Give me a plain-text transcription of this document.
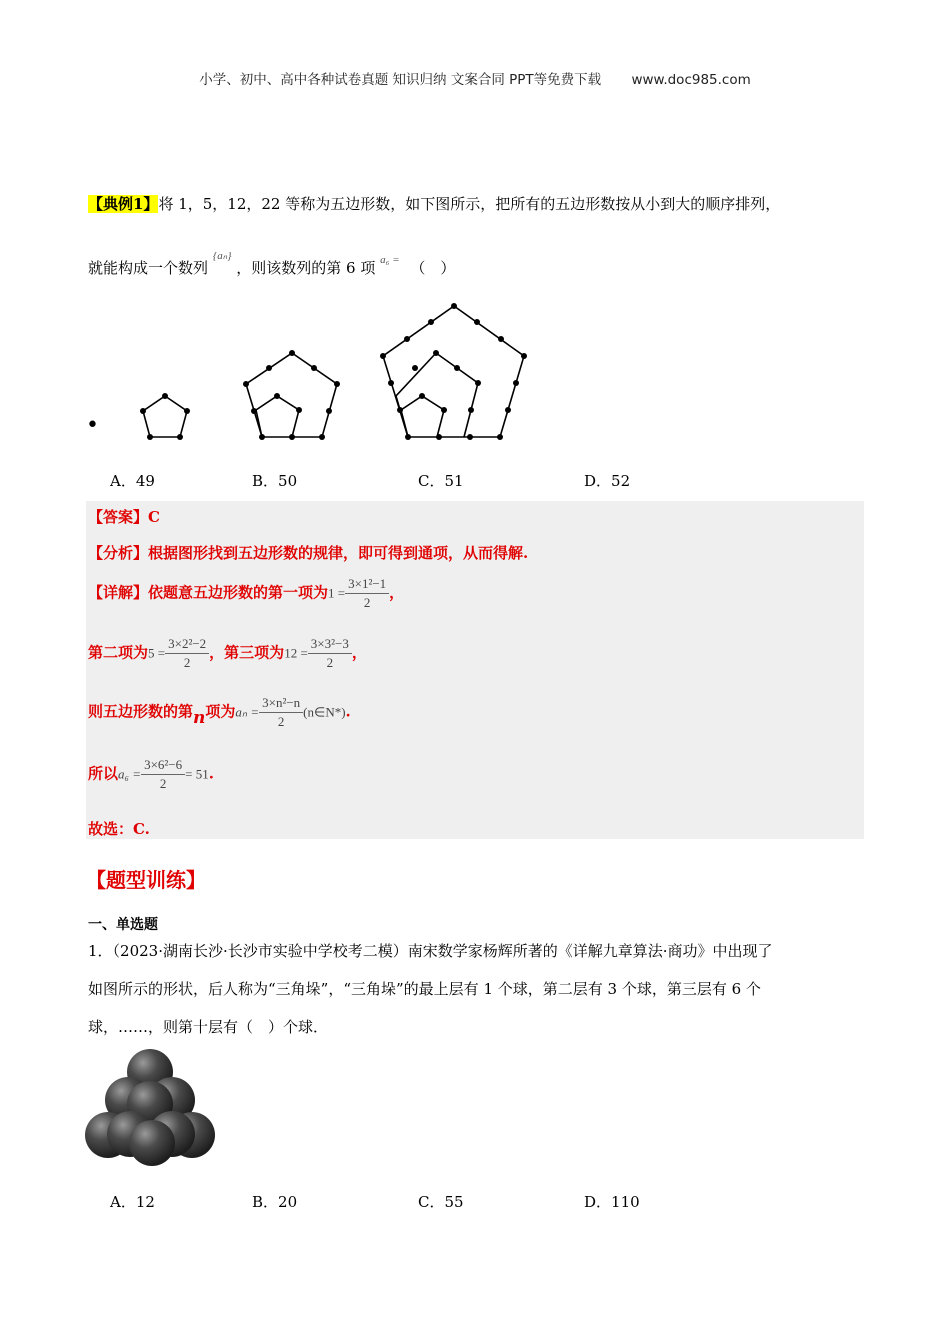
小学、初中、高中各种试卷真题 知识归纳 文案合同 PPT等免费下载 www.doc985.com
【典例1】将 1，5，12，22 等称为五边形数，如下图所示，把所有的五边形数按从小到大的顺序排列，
就能构成一个数列 $^{\{a_n\}}$ ，则该数列的第 6 项 $^{a_6 =}$ （　）
•
A．49	B．50	C．51	D．52
【答案】C
【分析】根据图形找到五边形数的规律，即可得到通项，从而得解.
【详解】依题意五边形数的第一项为$1 = \frac{\text{3×1²−1}}{2}$ ，
第二项为$5 = \frac{\text{3×2²−2}}{2}$ ，第三项为$12 = \frac{\text{3×3²−3}}{2}$ ，
则五边形数的第n项为$a_n = \frac{\text{3×n²−n}}{2}$ (n∈N*).
所以$a_6 = \frac{\text{3×6²−6}}{2} = 51$.
故选：C.
【题型训练】
一、单选题
1．（2023·湖南长沙·长沙市实验中学校考二模）南宋数学家杨辉所著的《详解九章算法·商功》中出现了
如图所示的形状，后人称为“三角垛”，“三角垛”的最上层有 1 个球，第二层有 3 个球，第三层有 6 个
球，……，则第十层有（　）个球．
A．12	B．20	C．55	D．110
